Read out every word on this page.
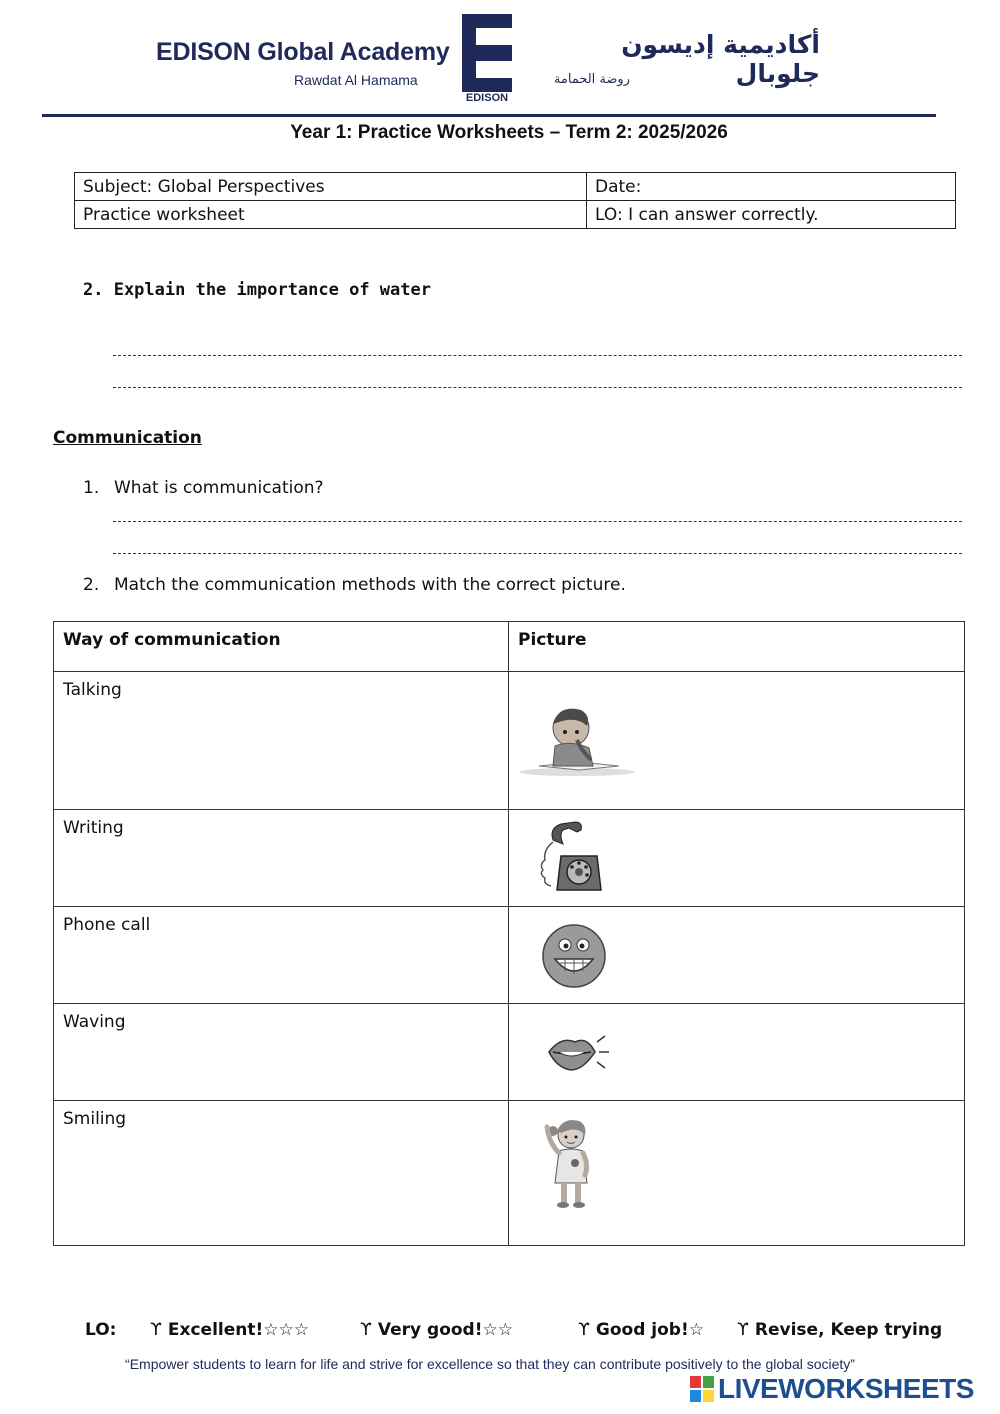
EDISON Global Academy
Rawdat Al Hamama
EDISON
أكاديمية إديسون جلوبال
روضة الحمامة
Year 1: Practice Worksheets – Term 2: 2025/2026
Subject: Global Perspectives	Date:
Practice worksheet	LO: I can answer correctly.
2. Explain the importance of water
Communication
1. What is communication?
2. Match the communication methods with the correct picture.
Way of communication	Picture
Talking	

Writing	

Phone call	

Waving	

Smiling	
LO: ϒ Excellent!☆☆☆	ϒ Very good!☆☆	ϒ Good job!☆ ϒ Revise, Keep trying
“Empower students to learn for life and strive for excellence so that they can contribute positively to the global society”
LIVEWORKSHEETS
